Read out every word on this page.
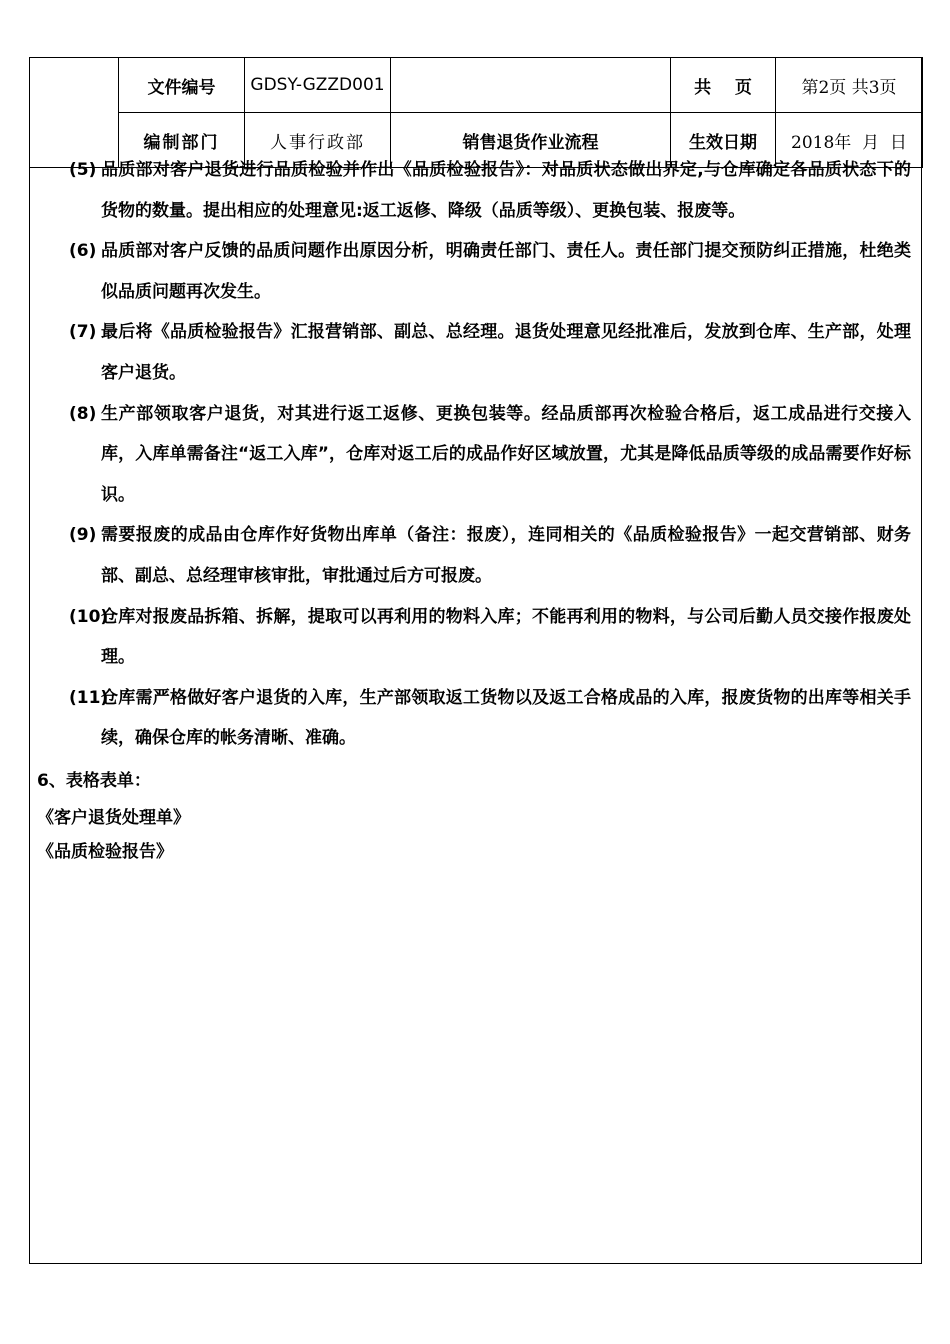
	文件编号	GDSY-GZZD001		共    页	第2页 共3页
	编制部门	人事行政部	销售退货作业流程	生效日期	2018年  月  日
(5) 品质部对客户退货进行品质检验并作出《品质检验报告》：对品质状态做出界定,与仓库确定各品质状态下的货物的数量。提出相应的处理意见:返工返修、降级（品质等级）、更换包装、报废等。
(6) 品质部对客户反馈的品质问题作出原因分析，明确责任部门、责任人。责任部门提交预防纠正措施，杜绝类似品质问题再次发生。
(7) 最后将《品质检验报告》汇报营销部、副总、总经理。退货处理意见经批准后，发放到仓库、生产部，处理客户退货。
(8) 生产部领取客户退货，对其进行返工返修、更换包装等。经品质部再次检验合格后，返工成品进行交接入库，入库单需备注“返工入库”，仓库对返工后的成品作好区域放置，尤其是降低品质等级的成品需要作好标识。
(9) 需要报废的成品由仓库作好货物出库单（备注：报废），连同相关的《品质检验报告》一起交营销部、财务部、副总、总经理审核审批，审批通过后方可报废。
(10)
仓库对报废品拆箱、拆解，提取可以再利用的物料入库；不能再利用的物料，与公司后勤人员交接作报废处理。
(11)
仓库需严格做好客户退货的入库，生产部领取返工货物以及返工合格成品的入库，报废货物的出库等相关手续，确保仓库的帐务清晰、准确。
6、表格表单：
《客户退货处理单》
《品质检验报告》
